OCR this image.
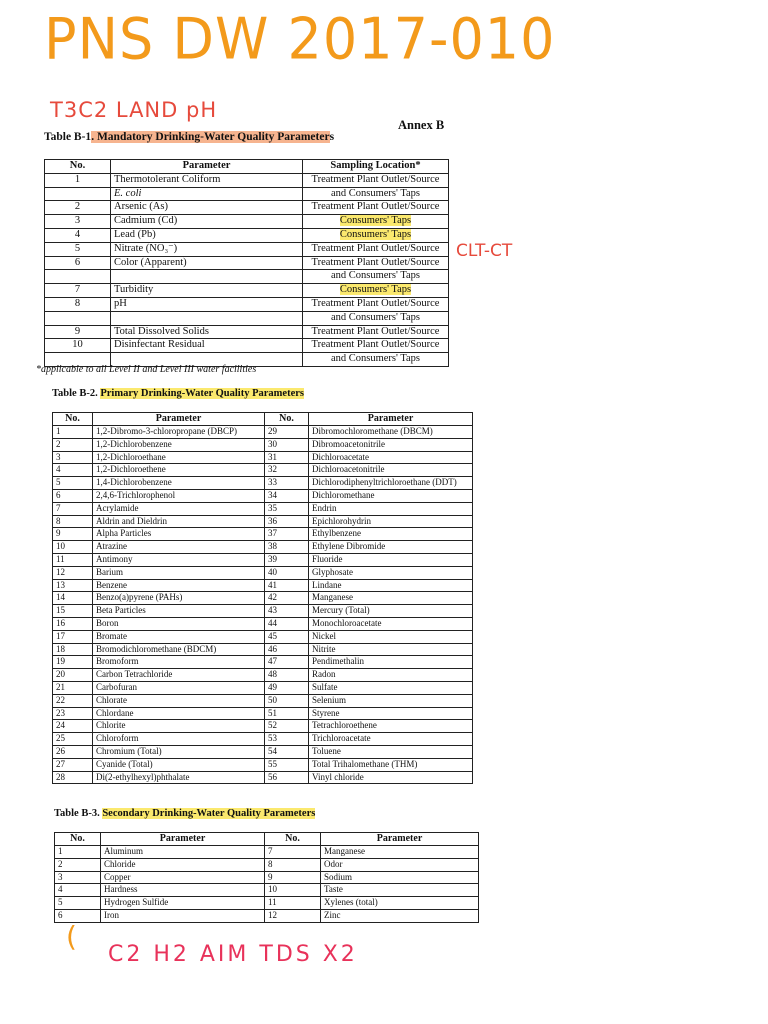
PNS DW 2017-010
T3C2 LAND pH
CLT-CT
(
C2 H2 AIM TDS X2
Annex B
Table B-1. Mandatory Drinking-Water Quality Parameters
No.	Parameter	Sampling Location*
1	Thermotolerant Coliform	Treatment Plant Outlet/Source
	E. coli	and Consumers' Taps
2	Arsenic (As)	Treatment Plant Outlet/Source
3	Cadmium (Cd)	Consumers' Taps
4	Lead (Pb)	Consumers' Taps
5	Nitrate (NO₃⁻)	Treatment Plant Outlet/Source
6	Color (Apparent)	Treatment Plant Outlet/Source
		and Consumers' Taps
7	Turbidity	Consumers' Taps
8	pH	Treatment Plant Outlet/Source
		and Consumers' Taps
9	Total Dissolved Solids	Treatment Plant Outlet/Source
10	Disinfectant Residual	Treatment Plant Outlet/Source
		and Consumers' Taps
*applicable to all Level II and Level III water facilities
Table B-2. Primary Drinking-Water Quality Parameters
No.	Parameter	No.	Parameter
1	1,2-Dibromo-3-chloropropane (DBCP)	29	Dibromochloromethane (DBCM)
2	1,2-Dichlorobenzene	30	Dibromoacetonitrile
3	1,2-Dichloroethane	31	Dichloroacetate
4	1,2-Dichloroethene	32	Dichloroacetonitrile
5	1,4-Dichlorobenzene	33	Dichlorodiphenyltrichloroethane (DDT)
6	2,4,6-Trichlorophenol	34	Dichloromethane
7	Acrylamide	35	Endrin
8	Aldrin and Dieldrin	36	Epichlorohydrin
9	Alpha Particles	37	Ethylbenzene
10	Atrazine	38	Ethylene Dibromide
11	Antimony	39	Fluoride
12	Barium	40	Glyphosate
13	Benzene	41	Lindane
14	Benzo(a)pyrene (PAHs)	42	Manganese
15	Beta Particles	43	Mercury (Total)
16	Boron	44	Monochloroacetate
17	Bromate	45	Nickel
18	Bromodichloromethane (BDCM)	46	Nitrite
19	Bromoform	47	Pendimethalin
20	Carbon Tetrachloride	48	Radon
21	Carbofuran	49	Sulfate
22	Chlorate	50	Selenium
23	Chlordane	51	Styrene
24	Chlorite	52	Tetrachloroethene
25	Chloroform	53	Trichloroacetate
26	Chromium (Total)	54	Toluene
27	Cyanide (Total)	55	Total Trihalomethane (THM)
28	Di(2-ethylhexyl)phthalate	56	Vinyl chloride
Table B-3. Secondary Drinking-Water Quality Parameters
No.	Parameter	No.	Parameter
1	Aluminum	7	Manganese
2	Chloride	8	Odor
3	Copper	9	Sodium
4	Hardness	10	Taste
5	Hydrogen Sulfide	11	Xylenes (total)
6	Iron	12	Zinc
